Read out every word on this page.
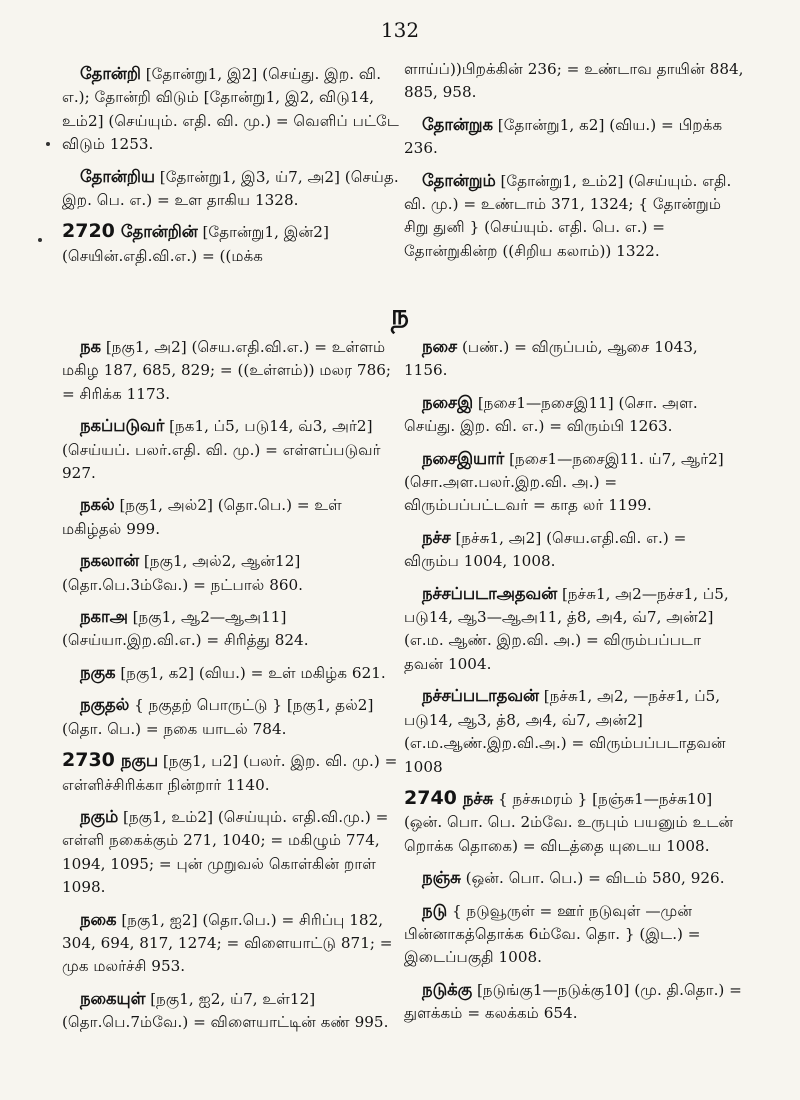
132

தோன்றி [தோன்று1, இ2] (செய்து. இற. வி. எ.); தோன்றி விடும் [தோன்று1, இ2, விடு14, உம்2] (செய்யும். எதி. வி. மு.) = வெளிப் பட்டே விடும் 1253.

தோன்றிய [தோன்று1, இ3, ய்7, அ2] (செய்த. இற. பெ. எ.) = உள தாகிய 1328.

2720 தோன்றின் [தோன்று1, இன்2] (செயின்.எதி.வி.எ.) = ((மக்க

ளாய்ப்))பிறக்கின் 236; = உண்டாவ தாயின் 884, 885, 958.

தோன்றுக [தோன்று1, க2] (விய.) = பிறக்க 236.

தோன்றும் [தோன்று1, உம்2] (செய்யும். எதி. வி. மு.) = உண்டாம் 371, 1324; { தோன்றும் சிறு துனி } (செய்யும். எதி. பெ. எ.) = தோன்றுகின்ற ((சிறிய கலாம்)) 1322.

ந

நக [நகு1, அ2] (செய.எதி.வி.எ.) = உள்ளம் மகிழ 187, 685, 829; = ((உள்ளம்)) மலர 786; = சிரிக்க 1173.

நகப்படுவர் [நக1, ப்5, படு14, வ்3, அர்2] (செய்யப். பலர்.எதி. வி. மு.) = எள்ளப்படுவர் 927.

நகல் [நகு1, அல்2] (தொ.பெ.) = உள் மகிழ்தல் 999.

நகலான் [நகு1, அல்2, ஆன்12] (தொ.பெ.3ம்வே.) = நட்பால் 860.

நகாஅ [நகு1, ஆ2—ஆஅ11] (செய்யா.இற.வி.எ.) = சிரித்து 824.

நகுக [நகு1, க2] (விய.) = உள் மகிழ்க 621.

நகுதல் { நகுதற் பொருட்டு } [நகு1, தல்2] (தொ. பெ.) = நகை யாடல் 784.

2730 நகுப [நகு1, ப2] (பலர். இற. வி. மு.) = எள்ளிச்சிரிக்கா நின்றார் 1140.

நகும் [நகு1, உம்2] (செய்யும். எதி.வி.மு.) = எள்ளி நகைக்கும் 271, 1040; = மகிழும் 774, 1094, 1095; = புன் முறுவல் கொள்கின் றாள் 1098.

நகை [நகு1, ஐ2] (தொ.பெ.) = சிரிப்பு 182, 304, 694, 817, 1274; = விளையாட்டு 871; = முக மலர்ச்சி 953.

நகையுள் [நகு1, ஐ2, ய்7, உள்12] (தொ.பெ.7ம்வே.) = விளையாட்டின் கண் 995.

நசை (பண்.) = விருப்பம், ஆசை 1043, 1156.

நசைஇ [நசை1—நசைஇ11] (சொ. அள. செய்து. இற. வி. எ.) = விரும்பி 1263.

நசைஇயார் [நசை1—நசைஇ11. ய்7, ஆர்2] (சொ.அள.பலர்.இற.வி. அ.) = விரும்பப்பட்டவர் = காத லர் 1199.

நச்ச [நச்சு1, அ2] (செய.எதி.வி. எ.) = விரும்ப 1004, 1008.

நச்சப்படாஅதவன் [நச்சு1, அ2—நச்ச1, ப்5, படு14, ஆ3—ஆஅ11, த்8, அ4, வ்7, அன்2] (எ.ம. ஆண். இற.வி. அ.) = விரும்பப்படா தவன் 1004.

நச்சப்படாதவன் [நச்சு1, அ2, —நச்ச1, ப்5, படு14, ஆ3, த்8, அ4, வ்7, அன்2] (எ.ம.ஆண்.இற.வி.அ.) = விரும்பப்படாதவன் 1008

2740 நச்சு { நச்சுமரம் } [நஞ்சு1—நச்சு10] (ஒன். பொ. பெ. 2ம்வே. உருபும் பயனும் உடன் றொக்க தொகை) = விடத்தை யுடைய 1008.

நஞ்சு (ஒன். பொ. பெ.) = விடம் 580, 926.

நடு { நடுவூருள் = ஊர் நடுவுள் —முன் பின்னாகத்தொக்க 6ம்வே. தொ. } (இட.) = இடைப்பகுதி 1008.

நடுக்கு [நடுங்கு1—நடுக்கு10] (மு. தி.தொ.) = துளக்கம் = கலக்கம் 654.
